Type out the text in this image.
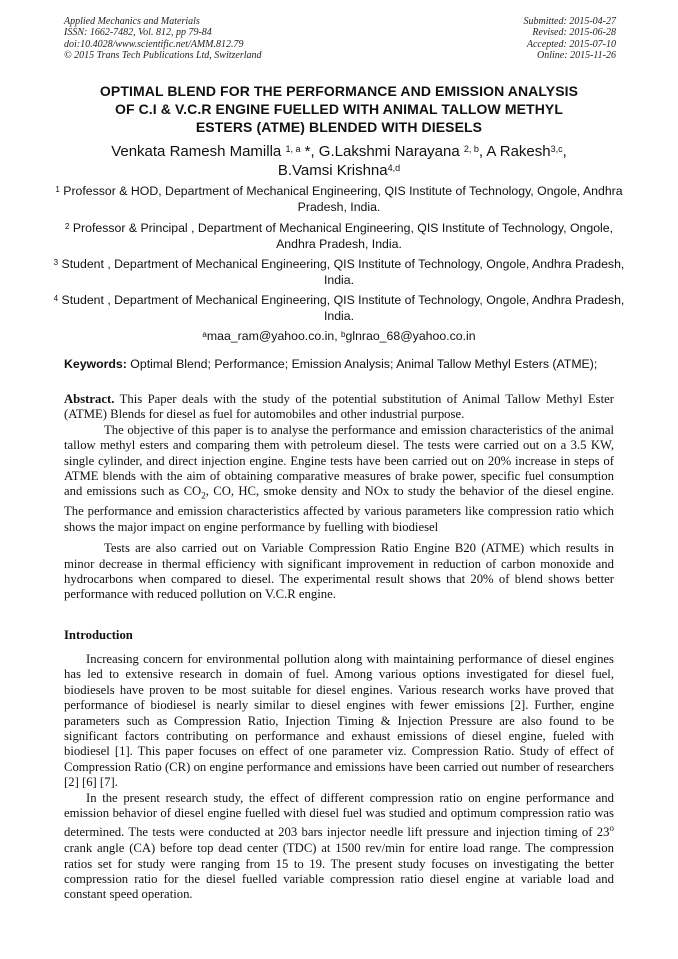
Applied Mechanics and Materials
ISSN: 1662-7482, Vol. 812, pp 79-84
doi:10.4028/www.scientific.net/AMM.812.79
© 2015 Trans Tech Publications Ltd, Switzerland
Submitted: 2015-04-27
Revised: 2015-06-28
Accepted: 2015-07-10
Online: 2015-11-26
OPTIMAL BLEND FOR THE PERFORMANCE AND EMISSION ANALYSIS
OF C.I & V.C.R ENGINE FUELLED WITH ANIMAL TALLOW METHYL
ESTERS (ATME) BLENDED WITH DIESELS
Venkata Ramesh Mamilla $^{1, a}$ *, G.Lakshmi Narayana $^{2, b}$, A Rakesh$^{3,c}$,
B.Vamsi Krishna$^{4,d}$
$^1$ Professor & HOD, Department of Mechanical Engineering, QIS Institute of Technology, Ongole, Andhra Pradesh, India.
$^2$ Professor & Principal , Department of Mechanical Engineering, QIS Institute of Technology, Ongole, Andhra Pradesh, India.
$^3$ Student , Department of Mechanical Engineering, QIS Institute of Technology, Ongole, Andhra Pradesh, India.
$^4$ Student , Department of Mechanical Engineering, QIS Institute of Technology, Ongole, Andhra Pradesh, India.
$^a$maa_ram@yahoo.co.in, $^b$glnrao_68@yahoo.co.in
Keywords: Optimal Blend; Performance; Emission Analysis; Animal Tallow Methyl Esters (ATME);

Abstract. This Paper deals with the study of the potential substitution of Animal Tallow Methyl Ester (ATME) Blends for diesel as fuel for automobiles and other industrial purpose.

The objective of this paper is to analyse the performance and emission characteristics of the animal tallow methyl esters and comparing them with petroleum diesel. The tests were carried out on a 3.5 KW, single cylinder, and direct injection engine. Engine tests have been carried out on 20% increase in steps of ATME blends with the aim of obtaining comparative measures of brake power, specific fuel consumption and emissions such as $CO_2$, CO, HC, smoke density and NOx to study the behavior of the diesel engine. The performance and emission characteristics affected by various parameters like compression ratio which shows the major impact on engine performance by fuelling with biodiesel

Tests are also carried out on Variable Compression Ratio Engine B20 (ATME) which results in minor decrease in thermal efficiency with significant improvement in reduction of carbon monoxide and hydrocarbons when compared to diesel. The experimental result shows that 20% of blend shows better performance with reduced pollution on V.C.R engine.

Introduction

Increasing concern for environmental pollution along with maintaining performance of diesel engines has led to extensive research in domain of fuel. Among various options investigated for diesel fuel, biodiesels have proven to be most suitable for diesel engines. Various research works have proved that performance of biodiesel is nearly similar to diesel engines with fewer emissions [2]. Further, engine parameters such as Compression Ratio, Injection Timing & Injection Pressure are also found to be significant factors contributing on performance and exhaust emissions of diesel engine, fueled with biodiesel [1]. This paper focuses on effect of one parameter viz. Compression Ratio. Study of effect of Compression Ratio (CR) on engine performance and emissions have been carried out number of researchers [2] [6] [7].

In the present research study, the effect of different compression ratio on engine performance and emission behavior of diesel engine fuelled with diesel fuel was studied and optimum compression ratio was determined. The tests were conducted at 203 bars injector needle lift pressure and injection timing of 23$^o$ crank angle (CA) before top dead center (TDC) at 1500 rev/min for entire load range. The compression ratios set for study were ranging from 15 to 19. The present study focuses on investigating the better compression ratio for the diesel fuelled variable compression ratio diesel engine at variable load and constant speed operation.
